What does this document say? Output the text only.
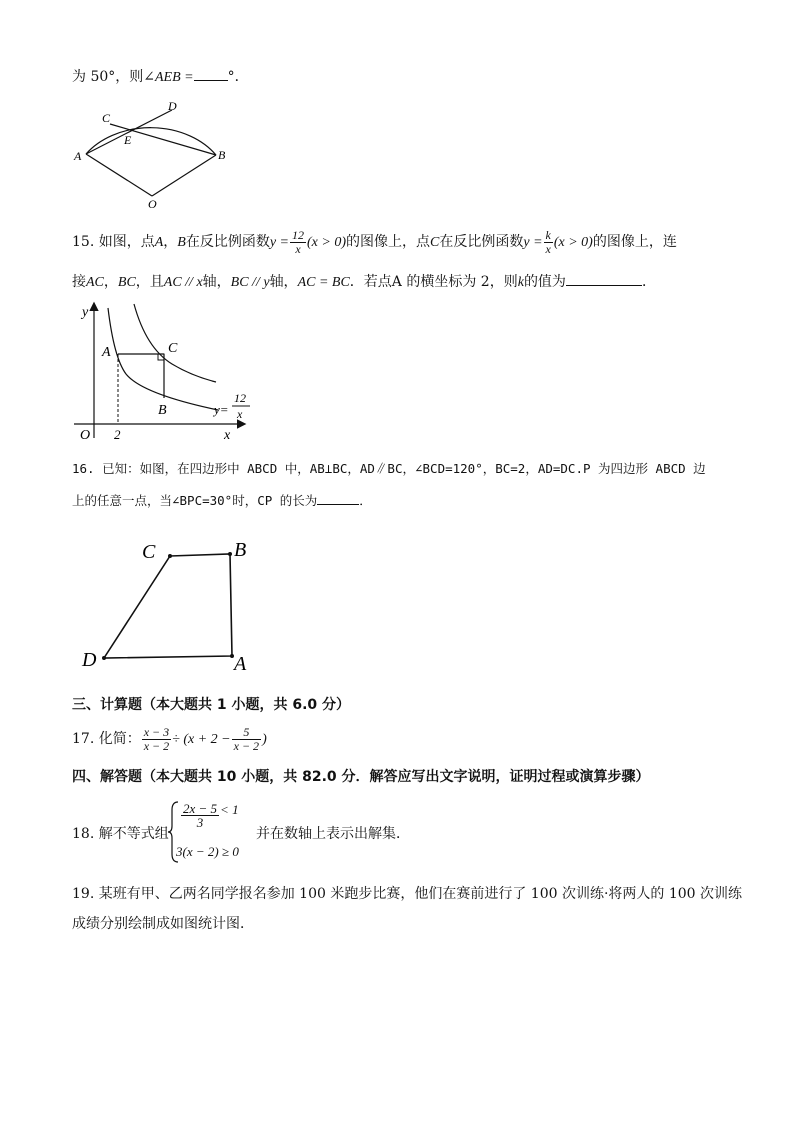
为 50°，则∠AEB = °．
A	B
C
D
E
O
15. 如图，点A，B在反比例函数$y = \frac{12}{x} (x > 0)$的图像上，点C在反比例函数$y = \frac{k}{x} (x > 0)$的图像上，连
接AC，BC，且AC // x轴，BC // y轴，AC = BC．若点A 的横坐标为 2，则k的值为	．
y
x
O 2
A	C
B	y=
12
x
16. 已知：如图，在四边形中 ABCD 中，AB⊥BC，AD∥BC，∠BCD=120°，BC=2，AD=DC.P 为四边形 ABCD 边
上的任意一点，当∠BPC=30°时，CP 的长为	．
C	B
D	A
三、计算题（本大题共 1 小题，共 6.0 分）
17. 化简： $\frac{x - 3}{x - 2} \div (x + 2 - \frac{5}{x - 2}$ )
四、解答题（本大题共 10 小题，共 82.0 分．解答应写出文字说明，证明过程或演算步骤）
18. 解不等式组
$\frac{2x - 5}{3} < 1$
3(x − 2) ≥ 0
并在数轴上表示出解集．
19. 某班有甲、乙两名同学报名参加 100 米跑步比赛，他们在赛前进行了 100 次训练·将两人的 100 次训练
成绩分别绘制成如图统计图．
